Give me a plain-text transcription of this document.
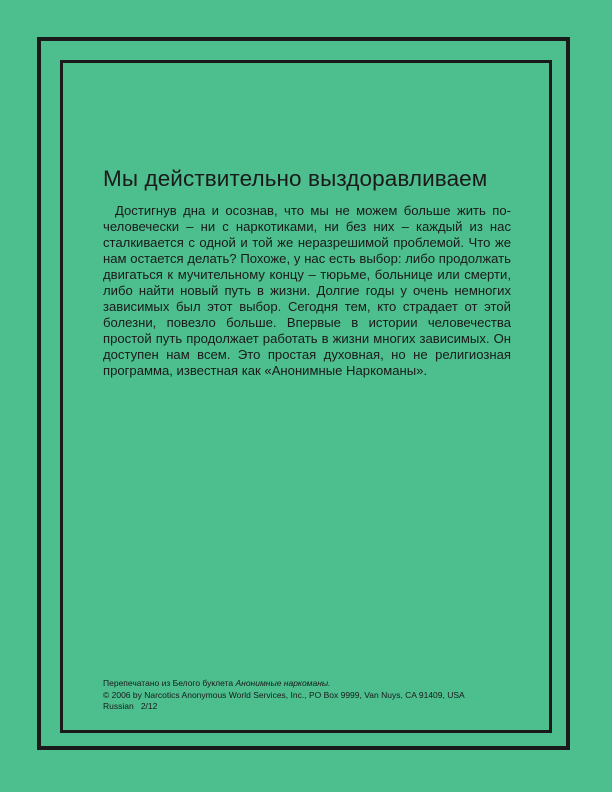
Мы действительно выздоравливаем

Достигнув дна и осознав, что мы не можем больше жить по-человечески – ни с наркотиками, ни без них – каждый из нас сталкивается с одной и той же неразрешимой проблемой. Что же нам остается делать? Похоже, у нас есть выбор: либо продолжать двигаться к мучительному концу – тюрьме, больнице или смерти, либо найти новый путь в жизни. Долгие годы у очень немногих зависимых был этот выбор. Сегодня тем, кто страдает от этой болезни, повезло больше. Впервые в истории человечества простой путь продолжает работать в жизни многих зависимых. Он доступен нам всем. Это простая духовная, но не религиозная программа, известная как «Анонимные Наркоманы».

Перепечатано из Белого буклета Анонимные наркоманы.
© 2006 by Narcotics Anonymous World Services, Inc., PO Box 9999, Van Nuys, CA 91409, USA
Russian 2/12
